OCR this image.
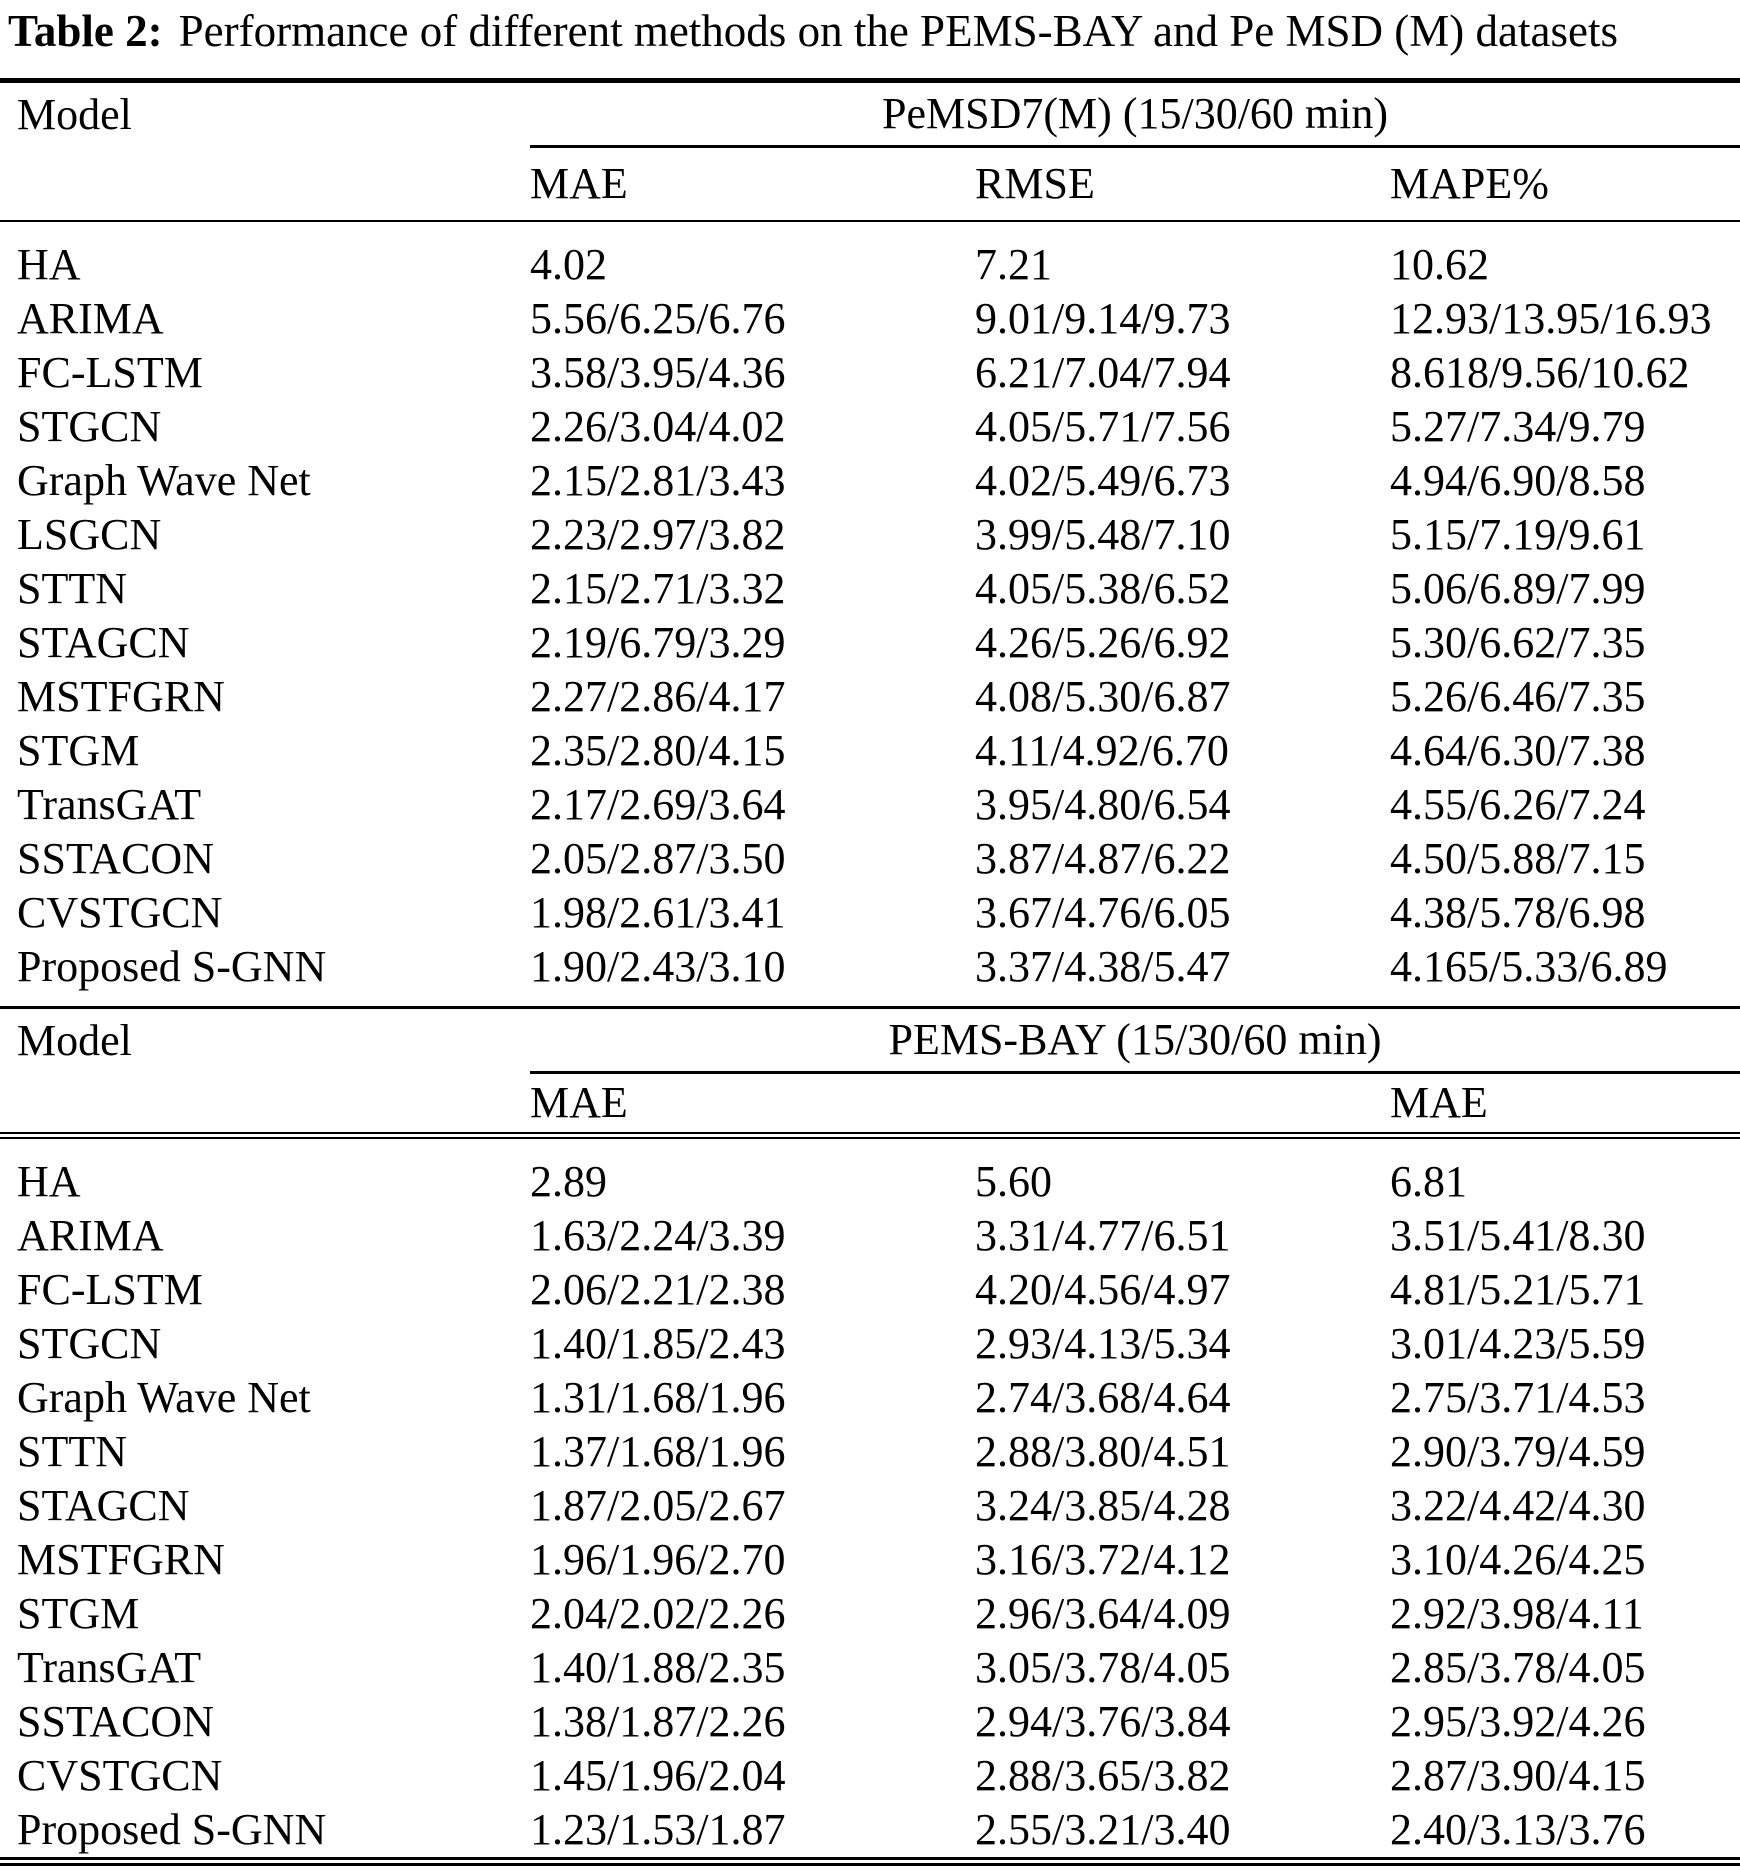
Table 2: Performance of different methods on the PEMS-BAY and Pe MSD (M) datasets
Model	PeMSD7(M) (15/30/60 min)		
	MAE	RMSE	MAPE%
HA	4.02	7.21	10.62
ARIMA	5.56/6.25/6.76	9.01/9.14/9.73	12.93/13.95/16.93
FC-LSTM	3.58/3.95/4.36	6.21/7.04/7.94	8.618/9.56/10.62
STGCN	2.26/3.04/4.02	4.05/5.71/7.56	5.27/7.34/9.79
Graph Wave Net	2.15/2.81/3.43	4.02/5.49/6.73	4.94/6.90/8.58
LSGCN	2.23/2.97/3.82	3.99/5.48/7.10	5.15/7.19/9.61
STTN	2.15/2.71/3.32	4.05/5.38/6.52	5.06/6.89/7.99
STAGCN	2.19/6.79/3.29	4.26/5.26/6.92	5.30/6.62/7.35
MSTFGRN	2.27/2.86/4.17	4.08/5.30/6.87	5.26/6.46/7.35
STGM	2.35/2.80/4.15	4.11/4.92/6.70	4.64/6.30/7.38
TransGAT	2.17/2.69/3.64	3.95/4.80/6.54	4.55/6.26/7.24
SSTACON	2.05/2.87/3.50	3.87/4.87/6.22	4.50/5.88/7.15
CVSTGCN	1.98/2.61/3.41	3.67/4.76/6.05	4.38/5.78/6.98
Proposed S-GNN	1.90/2.43/3.10	3.37/4.38/5.47	4.165/5.33/6.89
Model	PEMS-BAY (15/30/60 min)		
	MAE		MAE
HA	2.89	5.60	6.81
ARIMA	1.63/2.24/3.39	3.31/4.77/6.51	3.51/5.41/8.30
FC-LSTM	2.06/2.21/2.38	4.20/4.56/4.97	4.81/5.21/5.71
STGCN	1.40/1.85/2.43	2.93/4.13/5.34	3.01/4.23/5.59
Graph Wave Net	1.31/1.68/1.96	2.74/3.68/4.64	2.75/3.71/4.53
STTN	1.37/1.68/1.96	2.88/3.80/4.51	2.90/3.79/4.59
STAGCN	1.87/2.05/2.67	3.24/3.85/4.28	3.22/4.42/4.30
MSTFGRN	1.96/1.96/2.70	3.16/3.72/4.12	3.10/4.26/4.25
STGM	2.04/2.02/2.26	2.96/3.64/4.09	2.92/3.98/4.11
TransGAT	1.40/1.88/2.35	3.05/3.78/4.05	2.85/3.78/4.05
SSTACON	1.38/1.87/2.26	2.94/3.76/3.84	2.95/3.92/4.26
CVSTGCN	1.45/1.96/2.04	2.88/3.65/3.82	2.87/3.90/4.15
Proposed S-GNN	1.23/1.53/1.87	2.55/3.21/3.40	2.40/3.13/3.76
